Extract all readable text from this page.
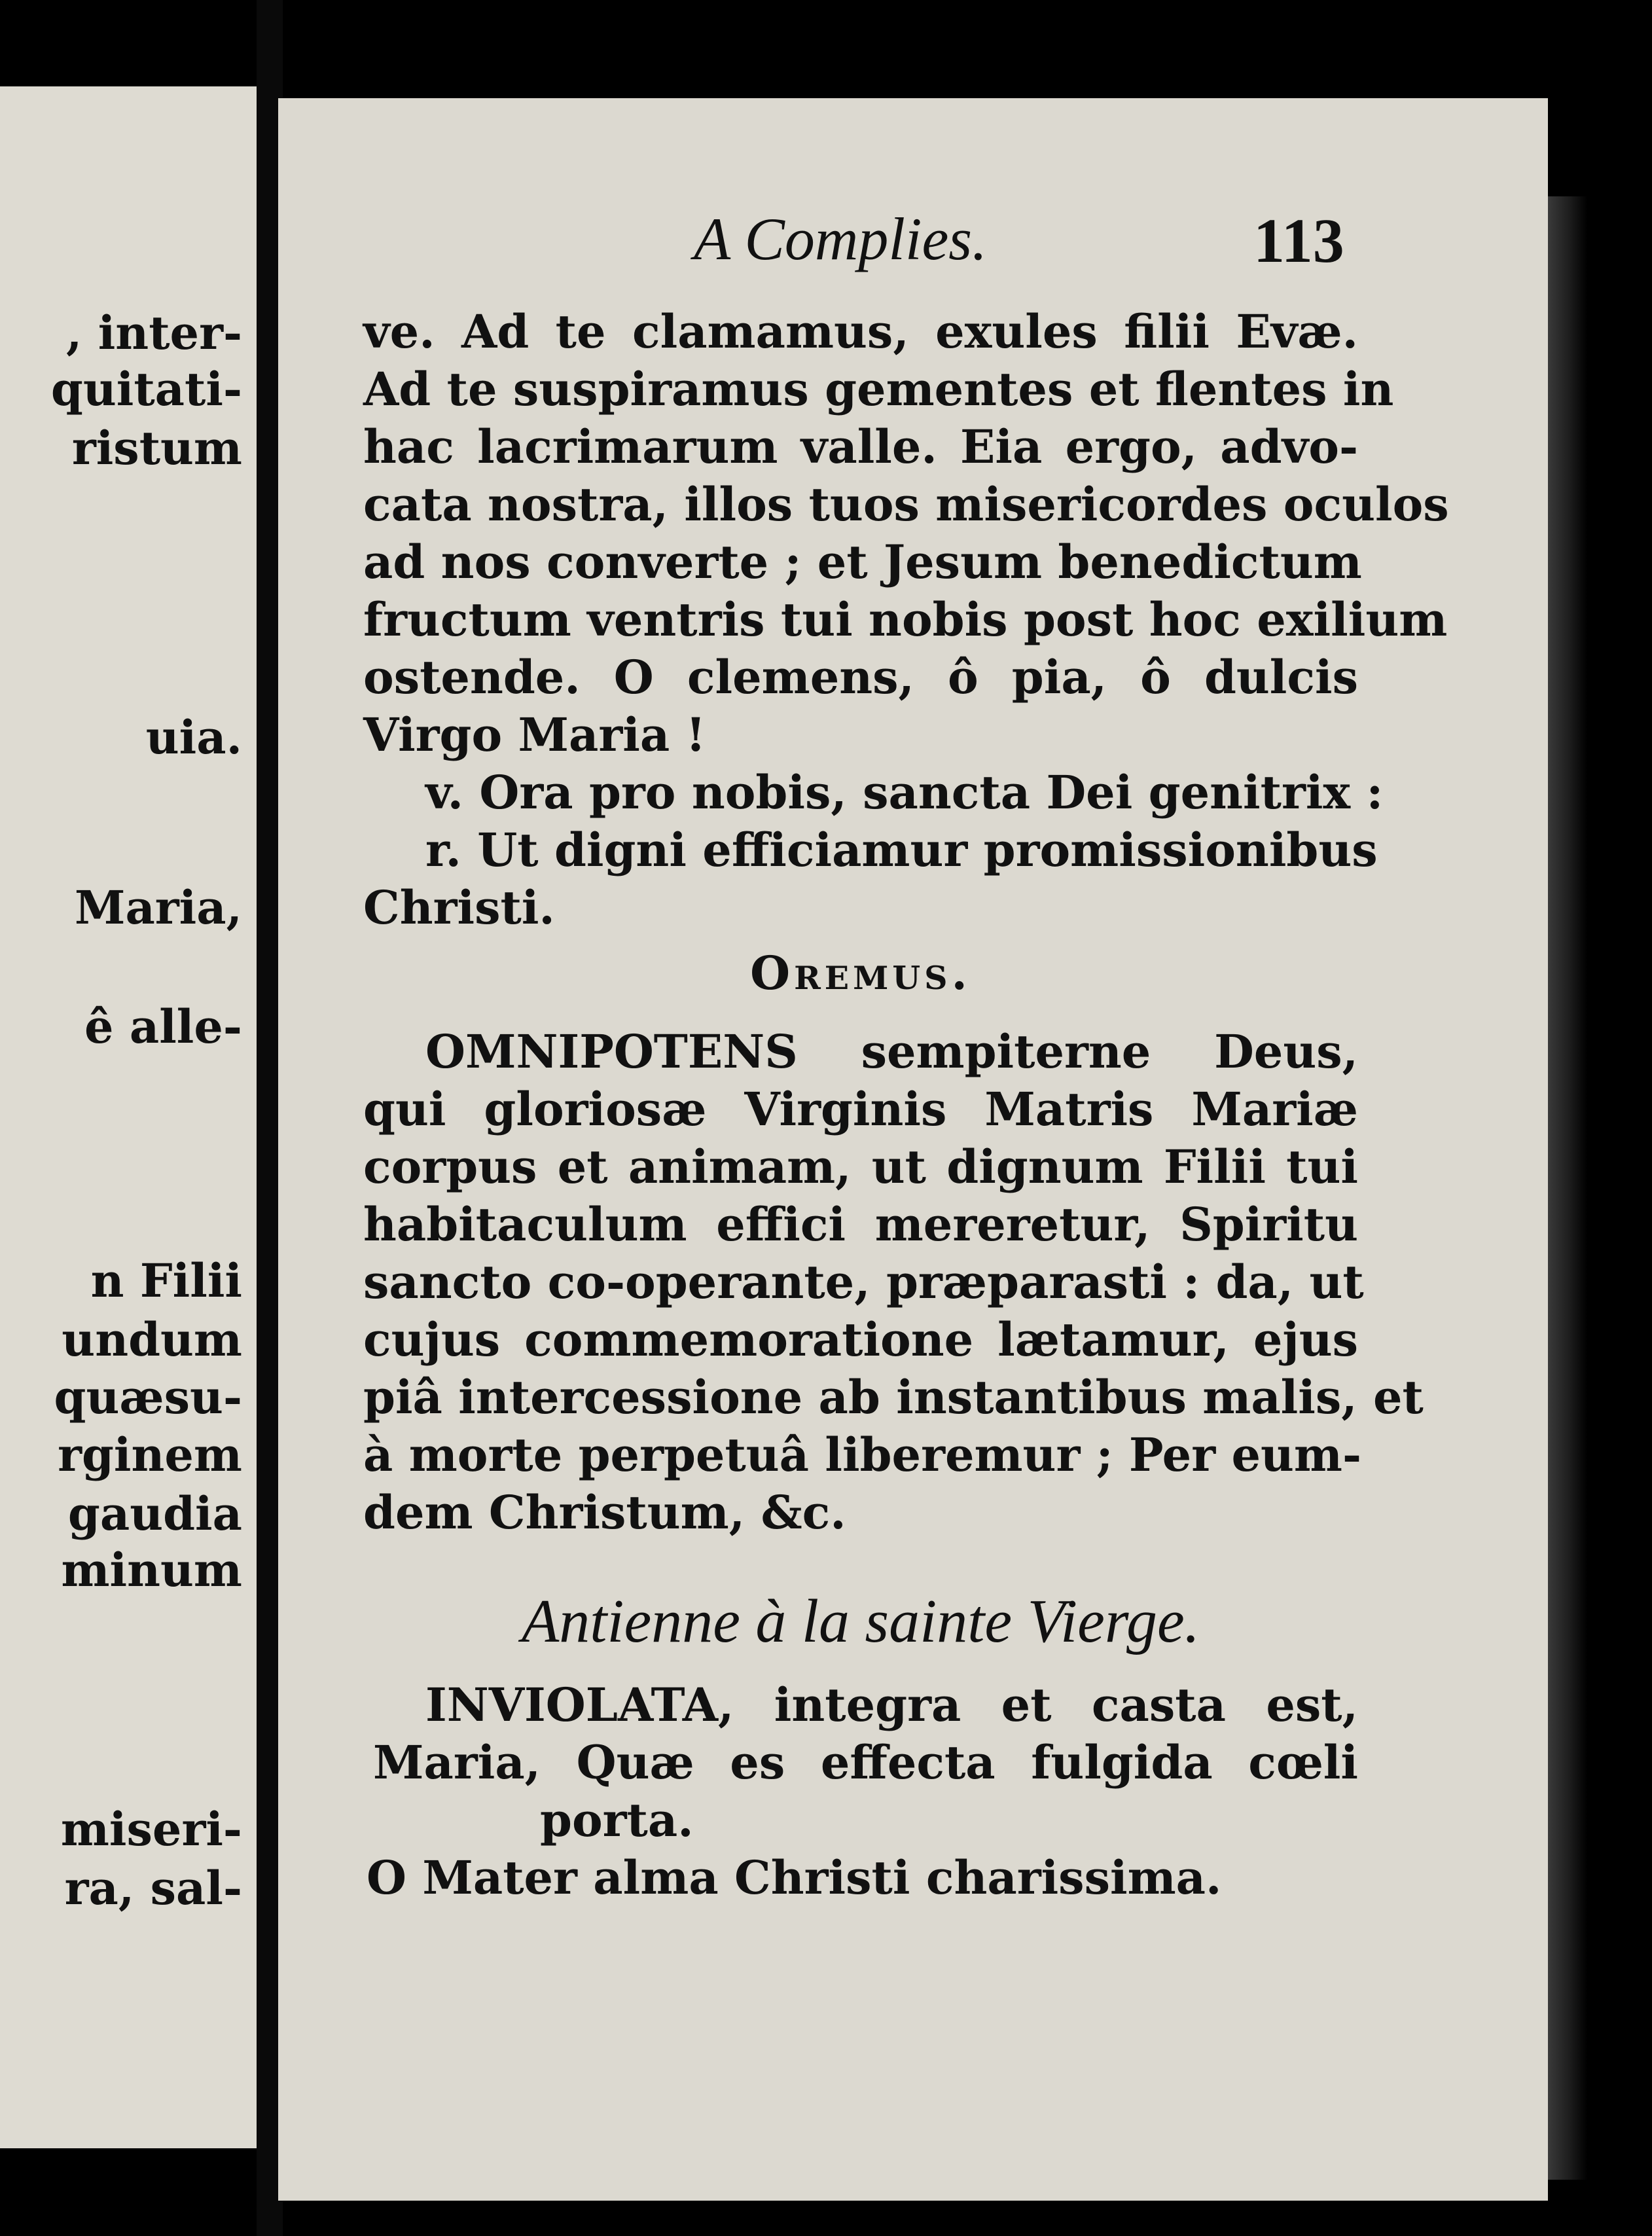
, inter-
quitati-
ristum
uia.
Maria,
ê alle-
n Filii
undum
quæsu-
rginem
gaudia
minum
miseri-
ra, sal-
A Complies.	113
ve. Ad te clamamus, exules filii Evæ.
Ad te suspiramus gementes et flentes in
hac lacrimarum valle. Eia ergo, advo-
cata nostra, illos tuos misericordes oculos
ad nos converte ; et Jesum benedictum
fructum ventris tui nobis post hoc exilium
ostende. O clemens, ô pia, ô dulcis
Virgo Maria !
v. Ora pro nobis, sancta Dei genitrix :
r. Ut digni efficiamur promissionibus
Christi.
Oremus.
OMNIPOTENS sempiterne Deus,
qui gloriosæ Virginis Matris Mariæ
corpus et animam, ut dignum Filii tui
habitaculum effici mereretur, Spiritu
sancto co-operante, præparasti : da, ut
cujus commemoratione lætamur, ejus
piâ intercessione ab instantibus malis, et
à morte perpetuâ liberemur ; Per eum-
dem Christum, &c.
Antienne à la sainte Vierge.
INVIOLATA, integra et casta est,
Maria, Quæ es effecta fulgida cœli
porta.
O Mater alma Christi charissima.
